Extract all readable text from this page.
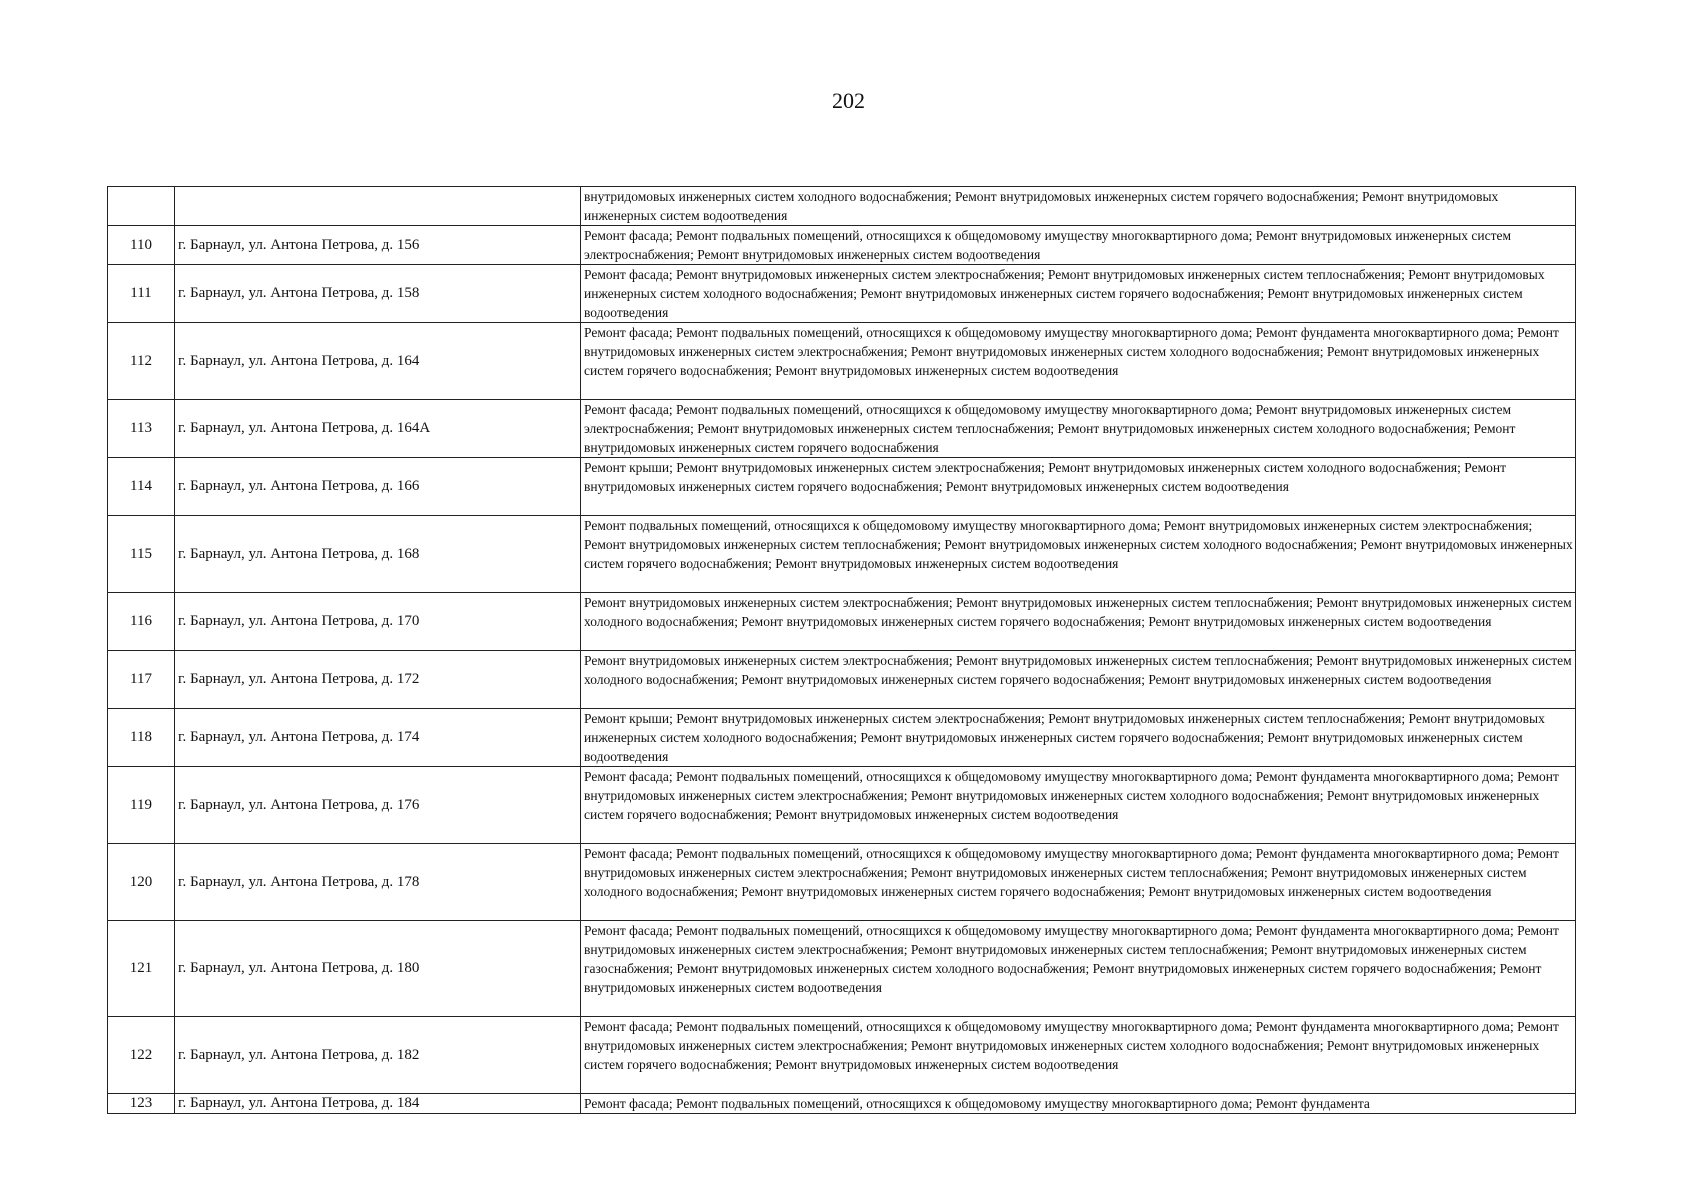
202
		внутридомовых инженерных систем холодного водоснабжения; Ремонт внутридомовых инженерных систем горячего водоснабжения; Ремонт внутридомовых инженерных систем водоотведения
110	г. Барнаул, ул. Антона Петрова, д. 156	Ремонт фасада; Ремонт подвальных помещений, относящихся к общедомовому имуществу многоквартирного дома; Ремонт внутридомовых инженерных систем электроснабжения; Ремонт внутридомовых инженерных систем водоотведения
111	г. Барнаул, ул. Антона Петрова, д. 158	Ремонт фасада; Ремонт внутридомовых инженерных систем электроснабжения; Ремонт внутридомовых инженерных систем теплоснабжения; Ремонт внутридомовых инженерных систем холодного водоснабжения; Ремонт внутридомовых инженерных систем горячего водоснабжения; Ремонт внутридомовых инженерных систем водоотведения
112	г. Барнаул, ул. Антона Петрова, д. 164	Ремонт фасада; Ремонт подвальных помещений, относящихся к общедомовому имуществу многоквартирного дома; Ремонт фундамента многоквартирного дома; Ремонт внутридомовых инженерных систем электроснабжения; Ремонт внутридомовых инженерных систем холодного водоснабжения; Ремонт внутридомовых инженерных систем горячего водоснабжения; Ремонт внутридомовых инженерных систем водоотведения
113	г. Барнаул, ул. Антона Петрова, д. 164А	Ремонт фасада; Ремонт подвальных помещений, относящихся к общедомовому имуществу многоквартирного дома; Ремонт внутридомовых инженерных систем электроснабжения; Ремонт внутридомовых инженерных систем теплоснабжения; Ремонт внутридомовых инженерных систем холодного водоснабжения; Ремонт внутридомовых инженерных систем горячего водоснабжения
114	г. Барнаул, ул. Антона Петрова, д. 166	Ремонт крыши; Ремонт внутридомовых инженерных систем электроснабжения; Ремонт внутридомовых инженерных систем холодного водоснабжения; Ремонт внутридомовых инженерных систем горячего водоснабжения; Ремонт внутридомовых инженерных систем водоотведения
115	г. Барнаул, ул. Антона Петрова, д. 168	Ремонт подвальных помещений, относящихся к общедомовому имуществу многоквартирного дома; Ремонт внутридомовых инженерных систем электроснабжения; Ремонт внутридомовых инженерных систем теплоснабжения; Ремонт внутридомовых инженерных систем холодного водоснабжения; Ремонт внутридомовых инженерных систем горячего водоснабжения; Ремонт внутридомовых инженерных систем водоотведения
116	г. Барнаул, ул. Антона Петрова, д. 170	Ремонт внутридомовых инженерных систем электроснабжения; Ремонт внутридомовых инженерных систем теплоснабжения; Ремонт внутридомовых инженерных систем холодного водоснабжения; Ремонт внутридомовых инженерных систем горячего водоснабжения; Ремонт внутридомовых инженерных систем водоотведения
117	г. Барнаул, ул. Антона Петрова, д. 172	Ремонт внутридомовых инженерных систем электроснабжения; Ремонт внутридомовых инженерных систем теплоснабжения; Ремонт внутридомовых инженерных систем холодного водоснабжения; Ремонт внутридомовых инженерных систем горячего водоснабжения; Ремонт внутридомовых инженерных систем водоотведения
118	г. Барнаул, ул. Антона Петрова, д. 174	Ремонт крыши; Ремонт внутридомовых инженерных систем электроснабжения; Ремонт внутридомовых инженерных систем теплоснабжения; Ремонт внутридомовых инженерных систем холодного водоснабжения; Ремонт внутридомовых инженерных систем горячего водоснабжения; Ремонт внутридомовых инженерных систем водоотведения
119	г. Барнаул, ул. Антона Петрова, д. 176	Ремонт фасада; Ремонт подвальных помещений, относящихся к общедомовому имуществу многоквартирного дома; Ремонт фундамента многоквартирного дома; Ремонт внутридомовых инженерных систем электроснабжения; Ремонт внутридомовых инженерных систем холодного водоснабжения; Ремонт внутридомовых инженерных систем горячего водоснабжения; Ремонт внутридомовых инженерных систем водоотведения
120	г. Барнаул, ул. Антона Петрова, д. 178	Ремонт фасада; Ремонт подвальных помещений, относящихся к общедомовому имуществу многоквартирного дома; Ремонт фундамента многоквартирного дома; Ремонт внутридомовых инженерных систем электроснабжения; Ремонт внутридомовых инженерных систем теплоснабжения; Ремонт внутридомовых инженерных систем холодного водоснабжения; Ремонт внутридомовых инженерных систем горячего водоснабжения; Ремонт внутридомовых инженерных систем водоотведения
121	г. Барнаул, ул. Антона Петрова, д. 180	Ремонт фасада; Ремонт подвальных помещений, относящихся к общедомовому имуществу многоквартирного дома; Ремонт фундамента многоквартирного дома; Ремонт внутридомовых инженерных систем электроснабжения; Ремонт внутридомовых инженерных систем теплоснабжения; Ремонт внутридомовых инженерных систем газоснабжения; Ремонт внутридомовых инженерных систем холодного водоснабжения; Ремонт внутридомовых инженерных систем горячего водоснабжения; Ремонт внутридомовых инженерных систем водоотведения
122	г. Барнаул, ул. Антона Петрова, д. 182	Ремонт фасада; Ремонт подвальных помещений, относящихся к общедомовому имуществу многоквартирного дома; Ремонт фундамента многоквартирного дома; Ремонт внутридомовых инженерных систем электроснабжения; Ремонт внутридомовых инженерных систем холодного водоснабжения; Ремонт внутридомовых инженерных систем горячего водоснабжения; Ремонт внутридомовых инженерных систем водоотведения
123	г. Барнаул, ул. Антона Петрова, д. 184	Ремонт фасада; Ремонт подвальных помещений, относящихся к общедомовому имуществу многоквартирного дома; Ремонт фундамента
